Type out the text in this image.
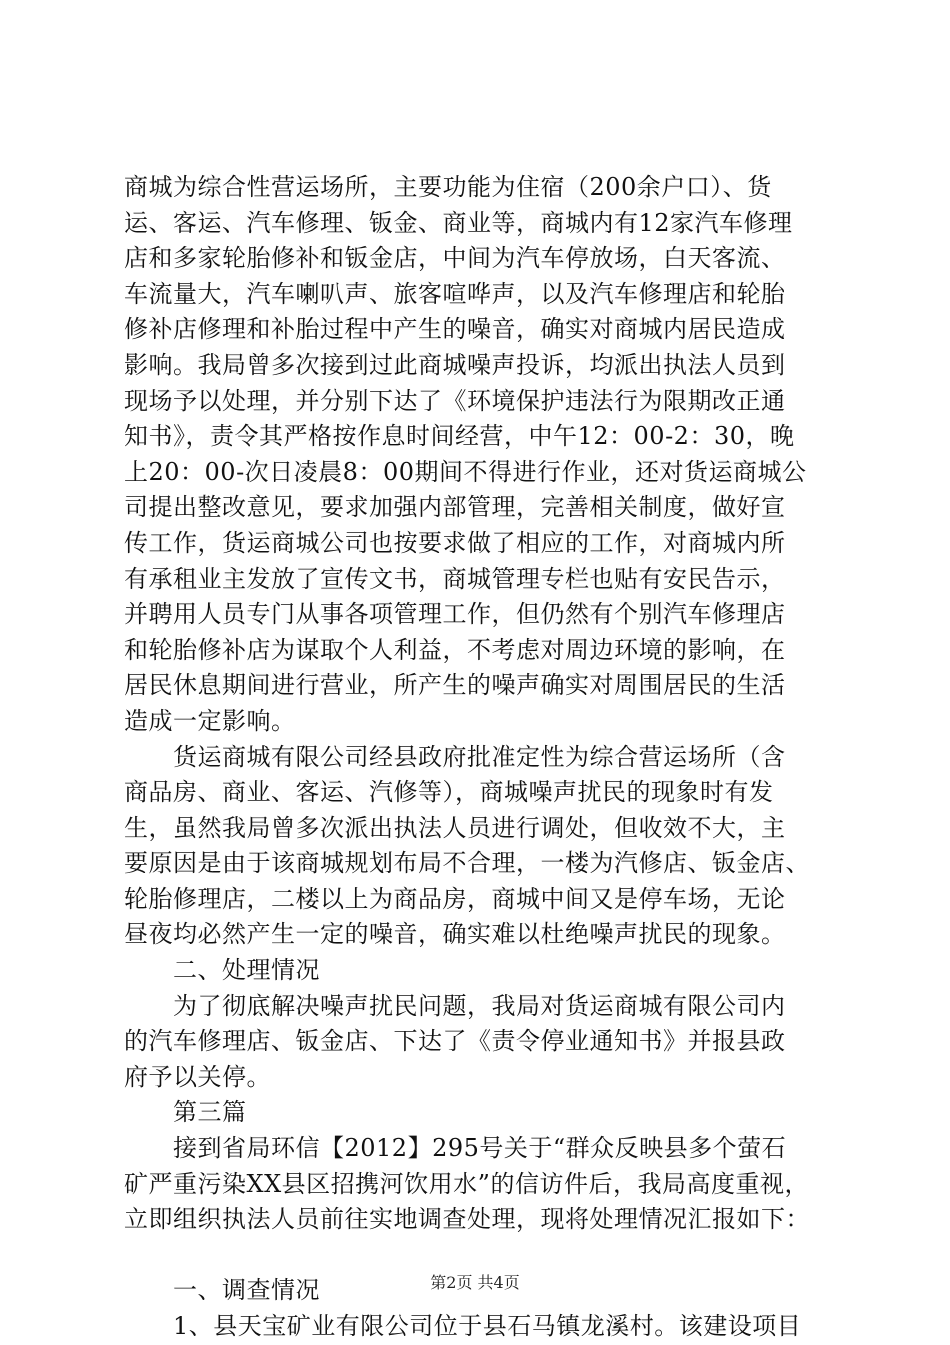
商城为综合性营运场所，主要功能为住宿（200余户口）、货
运、客运、汽车修理、钣金、商业等，商城内有12家汽车修理
店和多家轮胎修补和钣金店，中间为汽车停放场，白天客流、
车流量大，汽车喇叭声、旅客喧哗声，以及汽车修理店和轮胎
修补店修理和补胎过程中产生的噪音，确实对商城内居民造成
影响。我局曾多次接到过此商城噪声投诉，均派出执法人员到
现场予以处理，并分别下达了《环境保护违法行为限期改正通
知书》，责令其严格按作息时间经营，中午12：00-2：30，晚
上20：00-次日凌晨8：00期间不得进行作业，还对货运商城公
司提出整改意见，要求加强内部管理，完善相关制度，做好宣
传工作，货运商城公司也按要求做了相应的工作，对商城内所
有承租业主发放了宣传文书，商城管理专栏也贴有安民告示，
并聘用人员专门从事各项管理工作，但仍然有个别汽车修理店
和轮胎修补店为谋取个人利益，不考虑对周边环境的影响，在
居民休息期间进行营业，所产生的噪声确实对周围居民的生活
造成一定影响。
　　货运商城有限公司经县政府批准定性为综合营运场所（含
商品房、商业、客运、汽修等），商城噪声扰民的现象时有发
生，虽然我局曾多次派出执法人员进行调处，但收效不大，主
要原因是由于该商城规划布局不合理，一楼为汽修店、钣金店、
轮胎修理店，二楼以上为商品房，商城中间又是停车场，无论
昼夜均必然产生一定的噪音，确实难以杜绝噪声扰民的现象。
　　二、处理情况
　　为了彻底解决噪声扰民问题，我局对货运商城有限公司内
的汽车修理店、钣金店、下达了《责令停业通知书》并报县政
府予以关停。
　　第三篇
　　接到省局环信【2012】295号关于“群众反映县多个萤石
矿严重污染XX县区招携河饮用水”的信访件后，我局高度重视，
立即组织执法人员前往实地调查处理，现将处理情况汇报如下：
　　一、调查情况
　　1、县天宝矿业有限公司位于县石马镇龙溪村。该建设项目
第2页 共4页
